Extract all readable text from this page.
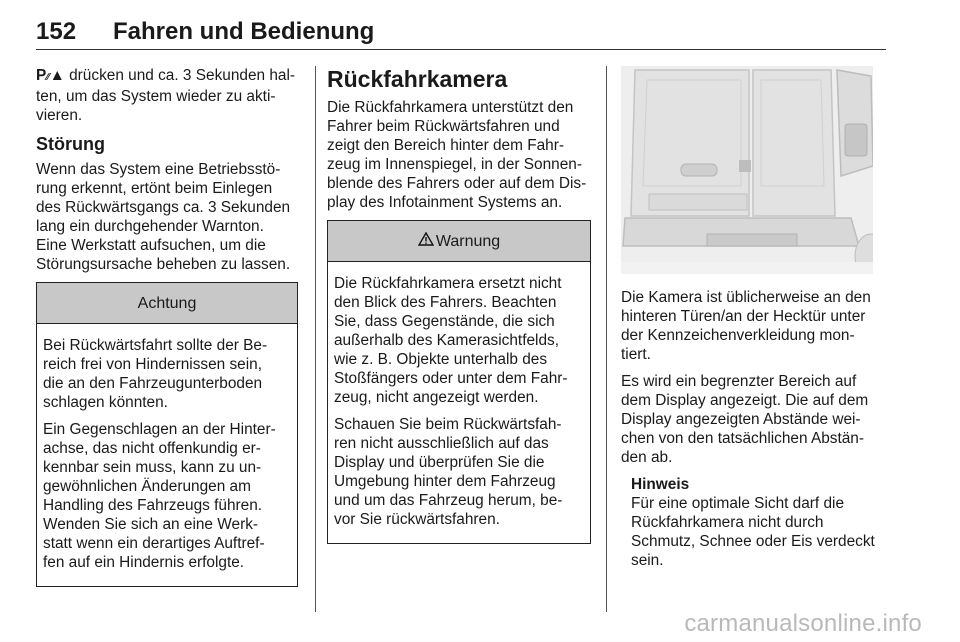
152 Fahren und Bedienung

P⁄⁄▲ drücken und ca. 3 Sekunden hal-
ten, um das System wieder zu akti-
vieren.

Störung

Wenn das System eine Betriebsstö-
rung erkennt, ertönt beim Einlegen
des Rückwärtsgangs ca. 3 Sekunden
lang ein durchgehender Warnton.
Eine Werkstatt aufsuchen, um die
Störungsursache beheben zu lassen.

Achtung

Bei Rückwärtsfahrt sollte der Be-
reich frei von Hindernissen sein,
die an den Fahrzeugunterboden
schlagen könnten.

Ein Gegenschlagen an der Hinter-
achse, das nicht offenkundig er-
kennbar sein muss, kann zu un-
gewöhnlichen Änderungen am
Handling des Fahrzeugs führen.
Wenden Sie sich an eine Werk-
statt wenn ein derartiges Auftref-
fen auf ein Hindernis erfolgte.

Rückfahrkamera

Die Rückfahrkamera unterstützt den
Fahrer beim Rückwärtsfahren und
zeigt den Bereich hinter dem Fahr-
zeug im Innenspiegel, in der Sonnen-
blende des Fahrers oder auf dem Dis-
play des Infotainment Systems an.

Warnung

Die Rückfahrkamera ersetzt nicht
den Blick des Fahrers. Beachten
Sie, dass Gegenstände, die sich
außerhalb des Kamerasichtfelds,
wie z. B. Objekte unterhalb des
Stoßfängers oder unter dem Fahr-
zeug, nicht angezeigt werden.

Schauen Sie beim Rückwärtsfah-
ren nicht ausschließlich auf das
Display und überprüfen Sie die
Umgebung hinter dem Fahrzeug
und um das Fahrzeug herum, be-
vor Sie rückwärtsfahren.

Die Kamera ist üblicherweise an den
hinteren Türen/an der Hecktür unter
der Kennzeichenverkleidung mon-
tiert.

Es wird ein begrenzter Bereich auf
dem Display angezeigt. Die auf dem
Display angezeigten Abstände wei-
chen von den tatsächlichen Abstän-
den ab.

Hinweis
Für eine optimale Sicht darf die
Rückfahrkamera nicht durch
Schmutz, Schnee oder Eis verdeckt
sein.
carmanualsonline.info
